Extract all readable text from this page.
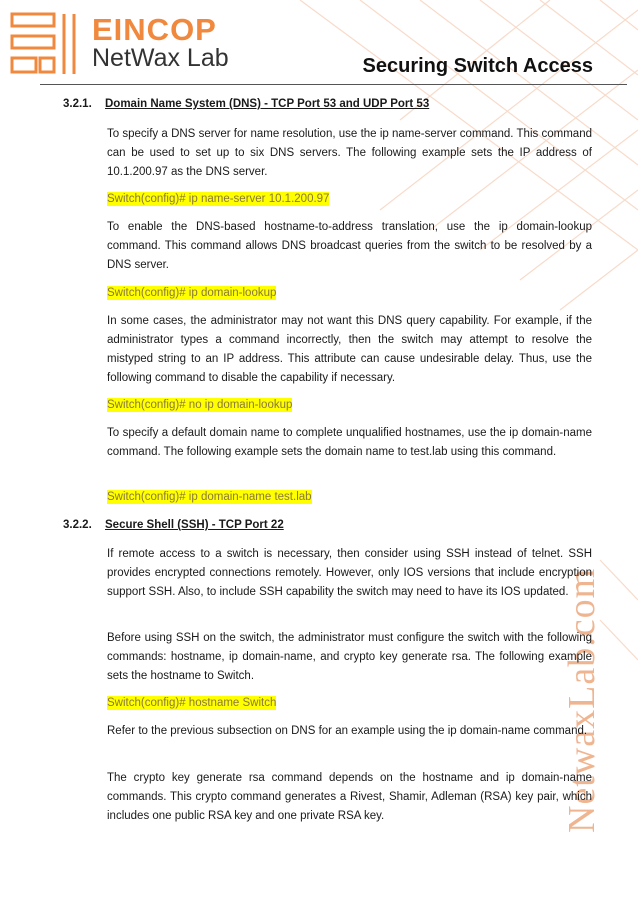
NetwaxLab.com
EINCOP
NetWax Lab	Securing Switch Access
3.2.1. Domain Name System (DNS) - TCP Port 53 and UDP Port 53

To specify a DNS server for name resolution, use the ip name-server command. This command can be used to set up to six DNS servers. The following example sets the IP address of 10.1.200.97 as the DNS server.

Switch(config)# ip name-server 10.1.200.97

To enable the DNS-based hostname-to-address translation, use the ip domain-lookup command. This command allows DNS broadcast queries from the switch to be resolved by a DNS server.

Switch(config)# ip domain-lookup

In some cases, the administrator may not want this DNS query capability. For example, if the administrator types a command incorrectly, then the switch may attempt to resolve the mistyped string to an IP address. This attribute can cause undesirable delay. Thus, use the following command to disable the capability if necessary.

Switch(config)# no ip domain-lookup

To specify a default domain name to complete unqualified hostnames, use the ip domain-name command. The following example sets the domain name to test.lab using this command.

Switch(config)# ip domain-name test.lab
3.2.2. Secure Shell (SSH) - TCP Port 22

If remote access to a switch is necessary, then consider using SSH instead of telnet. SSH provides encrypted connections remotely. However, only IOS versions that include encryption support SSH. Also, to include SSH capability the switch may need to have its IOS updated.

Before using SSH on the switch, the administrator must configure the switch with the following commands: hostname, ip domain-name, and crypto key generate rsa. The following example sets the hostname to Switch.

Switch(config)# hostname Switch

Refer to the previous subsection on DNS for an example using the ip domain-name command.

The crypto key generate rsa command depends on the hostname and ip domain-name commands. This crypto command generates a Rivest, Shamir, Adleman (RSA) key pair, which includes one public RSA key and one private RSA key.
